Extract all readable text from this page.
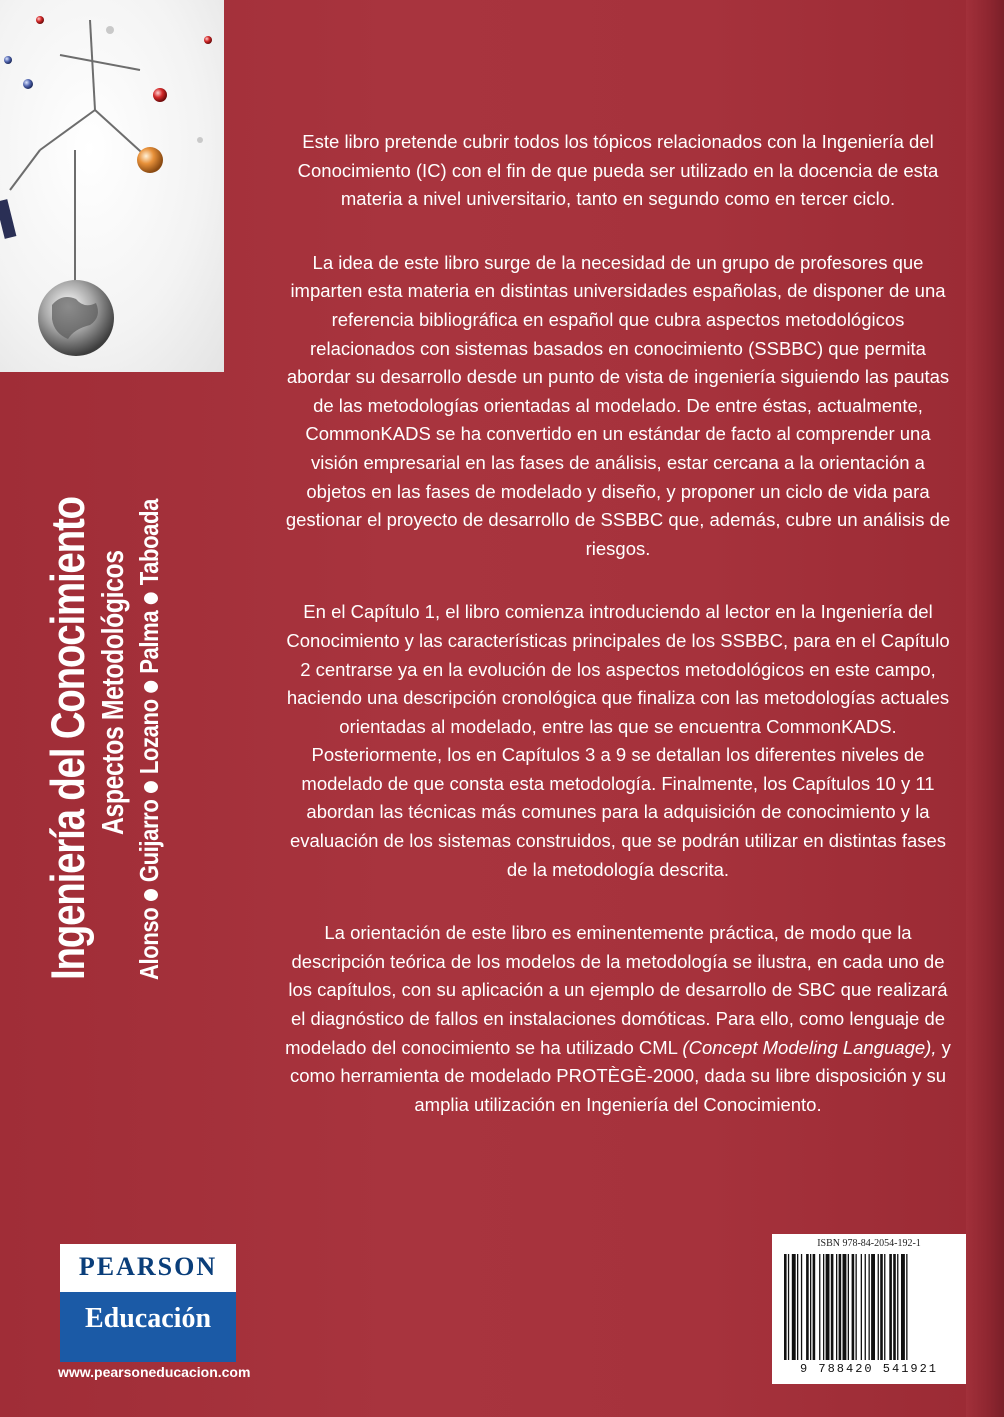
Ingeniería del Conocimiento Aspectos Metodológicos
AlonsoGuijarroLozanoPalmaTaboada

Este libro pretende cubrir todos los tópicos relacionados con la Ingeniería del Conocimiento (IC) con el fin de que pueda ser utilizado en la docencia de esta materia a nivel universitario, tanto en segundo como en tercer ciclo.

La idea de este libro surge de la necesidad de un grupo de profesores que imparten esta materia en distintas universidades españolas, de disponer de una referencia bibliográfica en español que cubra aspectos metodológicos relacionados con sistemas basados en conocimiento (SSBBC) que permita abordar su desarrollo desde un punto de vista de ingeniería siguiendo las pautas de las metodologías orientadas al modelado. De entre éstas, actualmente, CommonKADS se ha convertido en un estándar de facto al comprender una visión empresarial en las fases de análisis, estar cercana a la orientación a objetos en las fases de modelado y diseño, y proponer un ciclo de vida para gestionar el proyecto de desarrollo de SSBBC que, además, cubre un análisis de riesgos.

En el Capítulo 1, el libro comienza introduciendo al lector en la Ingeniería del Conocimiento y las características principales de los SSBBC, para en el Capítulo 2 centrarse ya en la evolución de los aspectos metodológicos en este campo, haciendo una descripción cronológica que finaliza con las metodologías actuales orientadas al modelado, entre las que se encuentra CommonKADS. Posteriormente, los en Capítulos 3 a 9 se detallan los diferentes niveles de modelado de que consta esta metodología. Finalmente, los Capítulos 10 y 11 abordan las técnicas más comunes para la adquisición de conocimiento y la evaluación de los sistemas construidos, que se podrán utilizar en distintas fases de la metodología descrita.

La orientación de este libro es eminentemente práctica, de modo que la descripción teórica de los modelos de la metodología se ilustra, en cada uno de los capítulos, con su aplicación a un ejemplo de desarrollo de SBC que realizará el diagnóstico de fallos en instalaciones domóticas. Para ello, como lenguaje de modelado del conocimiento se ha utilizado CML (Concept Modeling Language), y como herramienta de modelado PROTÈGÈ-2000, dada su libre disposición y su amplia utilización en Ingeniería del Conocimiento.

PEARSON
Educación
www.pearsoneducacion.com
ISBN 978-84-2054-192-1
9 788420 541921
